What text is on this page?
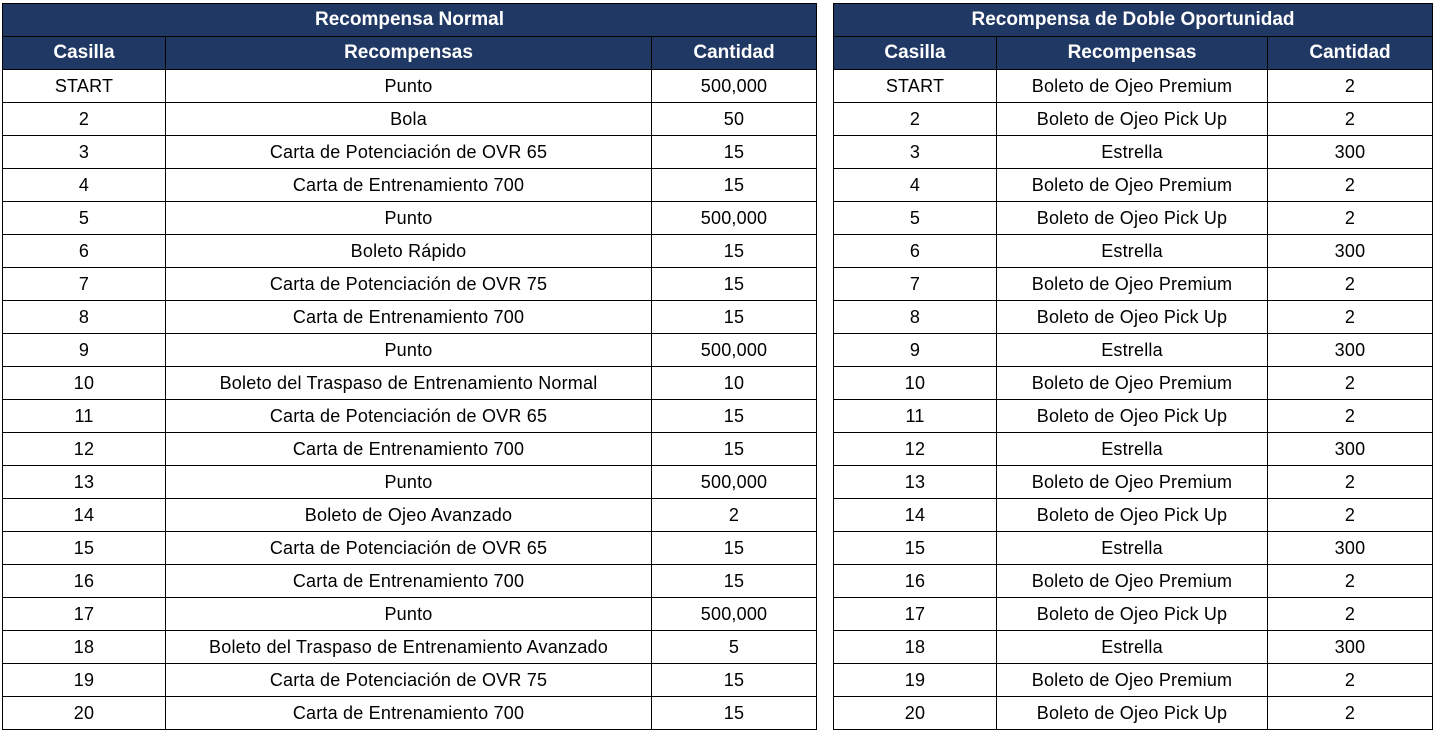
Recompensa Normal		
Casilla	Recompensas	Cantidad
START	Punto	500,000
2	Bola	50
3	Carta de Potenciación de OVR 65	15
4	Carta de Entrenamiento 700	15
5	Punto	500,000
6	Boleto Rápido	15
7	Carta de Potenciación de OVR 75	15
8	Carta de Entrenamiento 700	15
9	Punto	500,000
10	Boleto del Traspaso de Entrenamiento Normal	10
11	Carta de Potenciación de OVR 65	15
12	Carta de Entrenamiento 700	15
13	Punto	500,000
14	Boleto de Ojeo Avanzado	2
15	Carta de Potenciación de OVR 65	15
16	Carta de Entrenamiento 700	15
17	Punto	500,000
18	Boleto del Traspaso de Entrenamiento Avanzado	5
19	Carta de Potenciación de OVR 75	15
20	Carta de Entrenamiento 700	15
Recompensa de Doble Oportunidad		
Casilla	Recompensas	Cantidad
START	Boleto de Ojeo Premium	2
2	Boleto de Ojeo Pick Up	2
3	Estrella	300
4	Boleto de Ojeo Premium	2
5	Boleto de Ojeo Pick Up	2
6	Estrella	300
7	Boleto de Ojeo Premium	2
8	Boleto de Ojeo Pick Up	2
9	Estrella	300
10	Boleto de Ojeo Premium	2
11	Boleto de Ojeo Pick Up	2
12	Estrella	300
13	Boleto de Ojeo Premium	2
14	Boleto de Ojeo Pick Up	2
15	Estrella	300
16	Boleto de Ojeo Premium	2
17	Boleto de Ojeo Pick Up	2
18	Estrella	300
19	Boleto de Ojeo Premium	2
20	Boleto de Ojeo Pick Up	2
